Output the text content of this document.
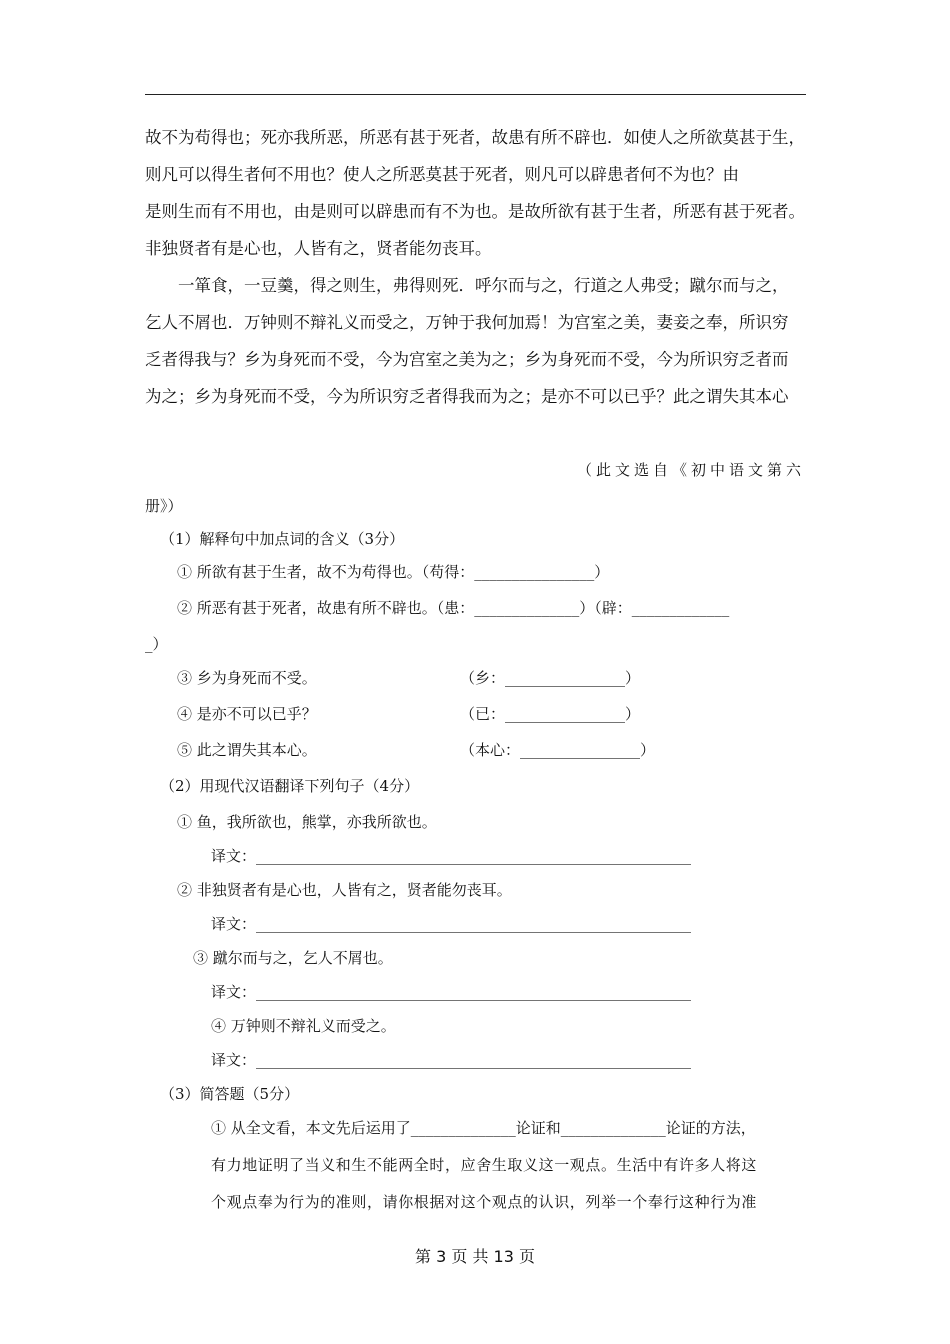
故不为苟得也；死亦我所恶，所恶有甚于死者，故患有所不辟也．如使人之所欲莫甚于生，
则凡可以得生者何不用也？使人之所恶莫甚于死者，则凡可以辟患者何不为也？由
是则生而有不用也，由是则可以辟患而有不为也。是故所欲有甚于生者，所恶有甚于死者。
非独贤者有是心也，人皆有之，贤者能勿丧耳。
一箪食，一豆羹，得之则生，弗得则死．呼尔而与之，行道之人弗受；蹴尔而与之，
乞人不屑也．万钟则不辩礼义而受之，万钟于我何加焉！为宫室之美，妻妾之奉，所识穷
乏者得我与？乡为身死而不受，今为宫室之美为之；乡为身死而不受，今为所识穷乏者而
为之；乡为身死而不受，今为所识穷乏者得我而为之；是亦不可以已乎？此之谓失其本心
（此文选自《初中语文第六
册》）
（1）解释句中加点词的含义（3分）
① 所欲有甚于生者，故不为苟得也。（苟得：________________）
② 所恶有甚于死者，故患有所不辟也。（患：______________）（辟：_____________
_）
③ 乡为身死而不受。	（乡：________________）
④ 是亦不可以已乎？	（已：________________）
⑤ 此之谓失其本心。	（本心：________________）
（2）用现代汉语翻译下列句子（4分）
① 鱼，我所欲也，熊掌，亦我所欲也。
译文：__________________________________________________________
② 非独贤者有是心也，人皆有之，贤者能勿丧耳。
译文：__________________________________________________________
③ 蹴尔而与之，乞人不屑也。
译文：__________________________________________________________
④ 万钟则不辩礼义而受之。
译文：__________________________________________________________
（3）简答题（5分）
① 从全文看，本文先后运用了______________论证和______________论证的方法，
有力地证明了当义和生不能两全时，应舍生取义这一观点。生活中有许多人将这
个观点奉为行为的准则，请你根据对这个观点的认识，列举一个奉行这种行为准
第 3 页 共 13 页
